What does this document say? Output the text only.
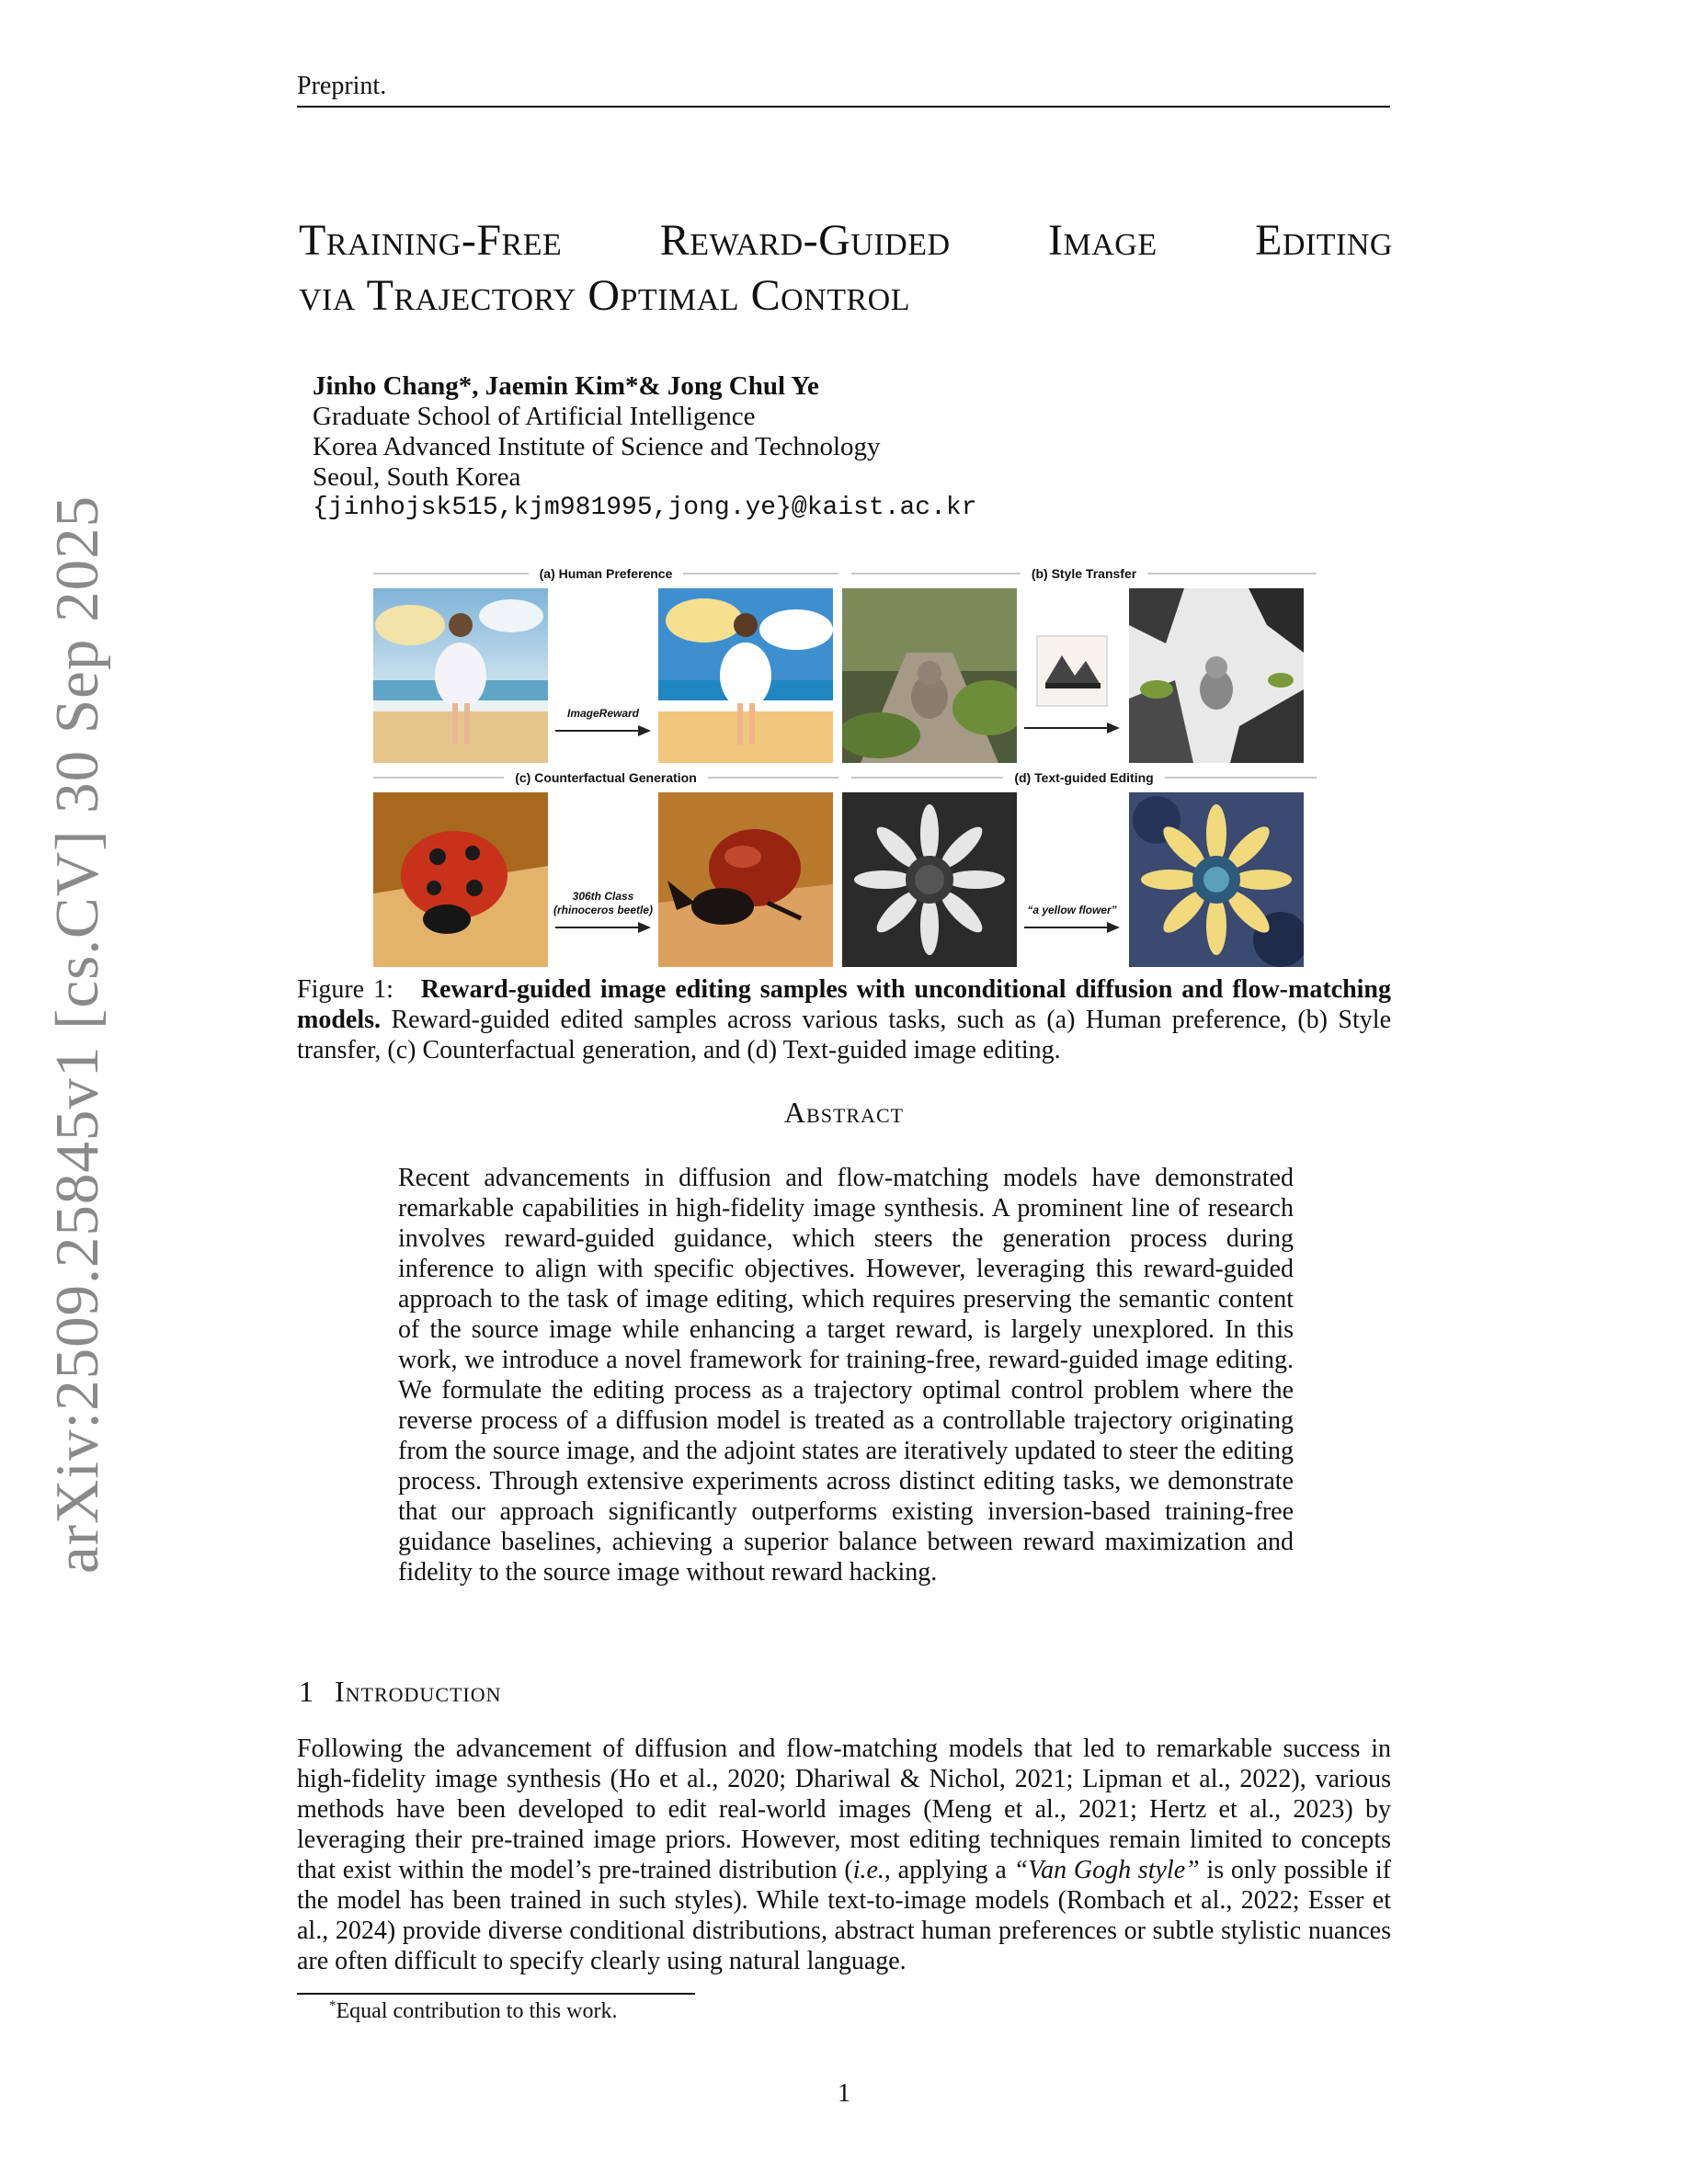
Preprint.
Training-Free Reward-Guided Image Editing
via Trajectory Optimal Control
Jinho Chang*, Jaemin Kim*& Jong Chul Ye
Graduate School of Artificial Intelligence
Korea Advanced Institute of Science and Technology
Seoul, South Korea
{jinhojsk515,kjm981995,jong.ye}@kaist.ac.kr
arXiv:2509.25845v1 [cs.CV] 30 Sep 2025	(a) Human Preference	(b) Style Transfer
(c) Counterfactual Generation	(d) Text-guided Editing
ImageReward
306th Class
(rhinoceros beetle)	“a yellow flower”
Figure 1: Reward-guided image editing samples with unconditional diffusion and flow-matching models. Reward-guided edited samples across various tasks, such as (a) Human preference, (b) Style transfer, (c) Counterfactual generation, and (d) Text-guided image editing.
Abstract
Recent advancements in diffusion and flow-matching models have demonstrated remarkable capabilities in high-fidelity image synthesis. A prominent line of research involves reward-guided guidance, which steers the generation process during inference to align with specific objectives. However, leveraging this reward-guided approach to the task of image editing, which requires preserving the semantic content of the source image while enhancing a target reward, is largely unexplored. In this work, we introduce a novel framework for training-free, reward-guided image editing. We formulate the editing process as a trajectory optimal control problem where the reverse process of a diffusion model is treated as a controllable trajectory originating from the source image, and the adjoint states are iteratively updated to steer the editing process. Through extensive experiments across distinct editing tasks, we demonstrate that our approach significantly outperforms existing inversion-based training-free guidance baselines, achieving a superior balance between reward maximization and fidelity to the source image without reward hacking.
1 Introduction
Following the advancement of diffusion and flow-matching models that led to remarkable success in high-fidelity image synthesis (Ho et al., 2020; Dhariwal & Nichol, 2021; Lipman et al., 2022), various methods have been developed to edit real-world images (Meng et al., 2021; Hertz et al., 2023) by leveraging their pre-trained image priors. However, most editing techniques remain limited to concepts that exist within the model’s pre-trained distribution (i.e., applying a “Van Gogh style” is only possible if the model has been trained in such styles). While text-to-image models (Rombach et al., 2022; Esser et al., 2024) provide diverse conditional distributions, abstract human preferences or subtle stylistic nuances are often difficult to specify clearly using natural language.
*Equal contribution to this work.
1
